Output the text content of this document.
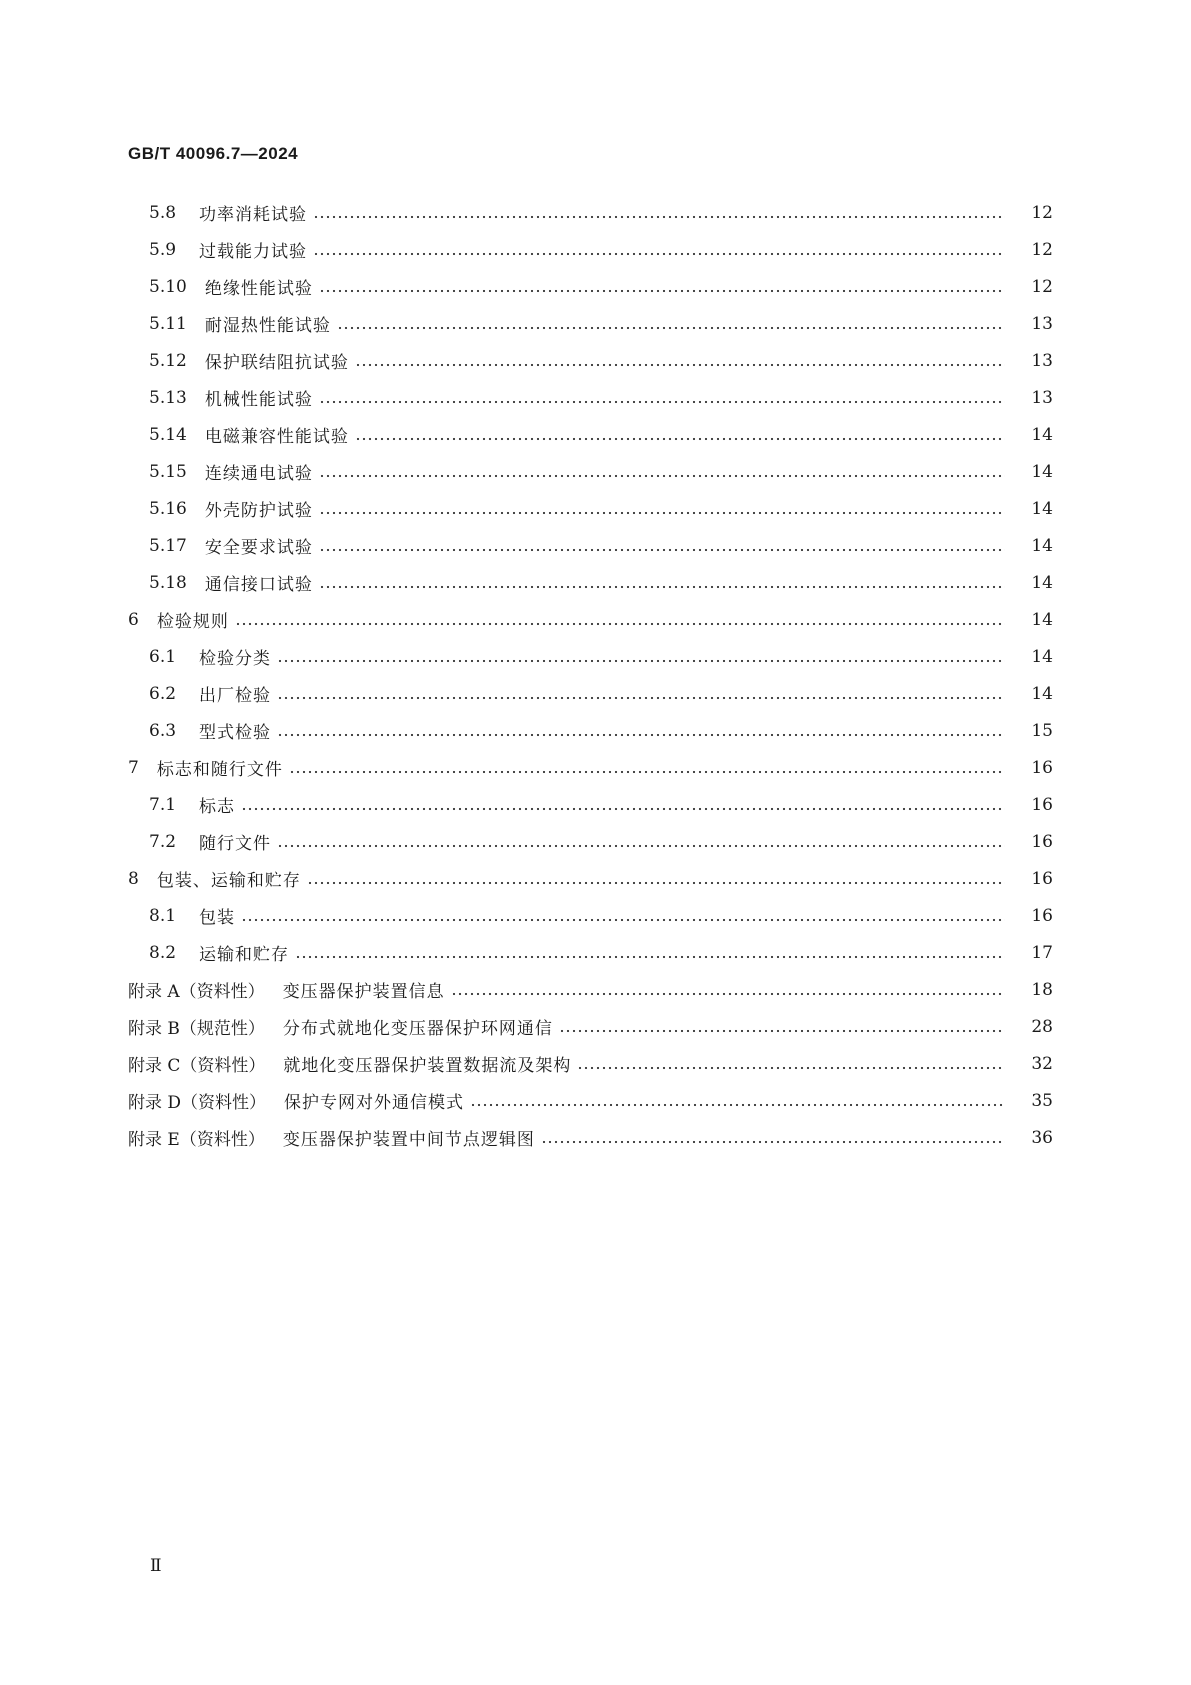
GB/T 40096.7—2024
5.8 功率消耗试验	12
5.9 过载能力试验	12
5.10 绝缘性能试验	12
5.11 耐湿热性能试验	13
5.12 保护联结阻抗试验	13
5.13 机械性能试验	13
5.14 电磁兼容性能试验	14
5.15 连续通电试验	14
5.16 外壳防护试验	14
5.17 安全要求试验	14
5.18 通信接口试验	14
6 检验规则	14
6.1 检验分类	14
6.2 出厂检验	14
6.3 型式检验	15
7 标志和随行文件	16
7.1 标志	16
7.2 随行文件	16
8 包装、运输和贮存	16
8.1 包装	16
8.2 运输和贮存	17
附录 A（资料性） 变压器保护装置信息	18
附录 B（规范性） 分布式就地化变压器保护环网通信	28
附录 C（资料性） 就地化变压器保护装置数据流及架构	32
附录 D（资料性） 保护专网对外通信模式	35
附录 E（资料性） 变压器保护装置中间节点逻辑图	36
Ⅱ
